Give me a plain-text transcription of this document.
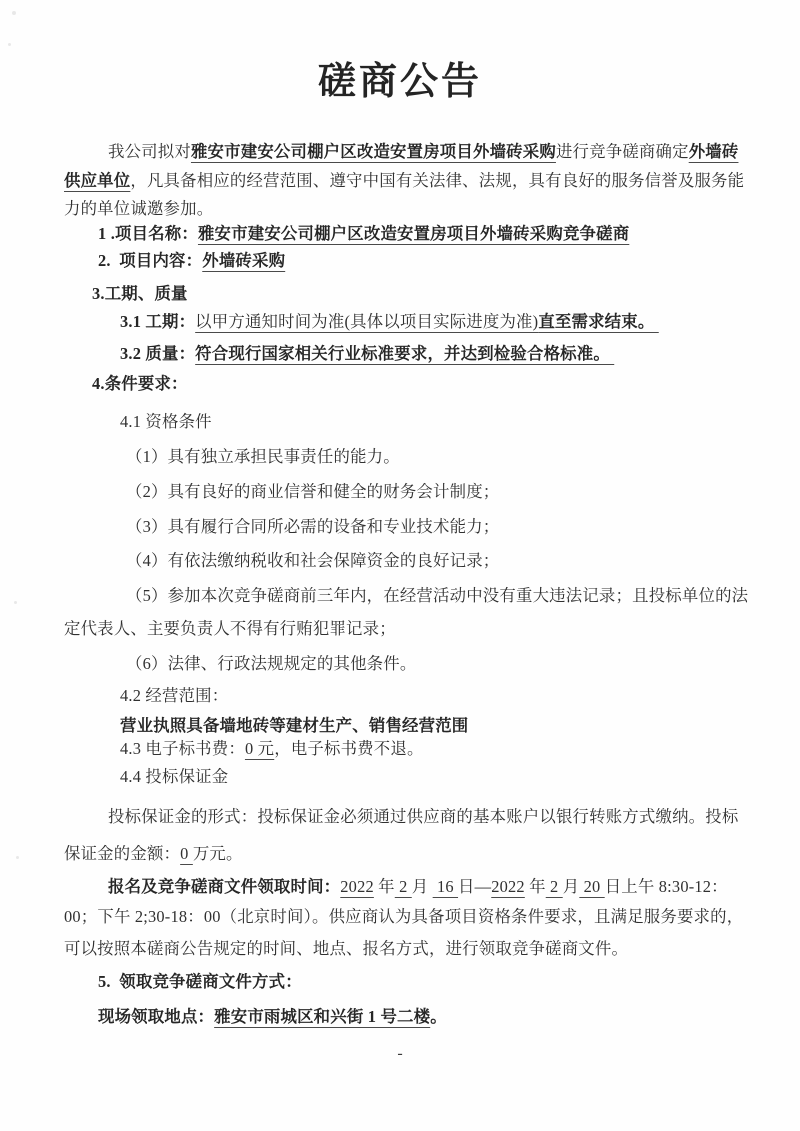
磋商公告
我公司拟对雅安市建安公司棚户区改造安置房项目外墙砖采购进行竞争磋商确定外墙砖
供应单位，凡具备相应的经营范围、遵守中国有关法律、法规，具有良好的服务信誉及服务能
力的单位诚邀参加。
1 .项目名称：雅安市建安公司棚户区改造安置房项目外墙砖采购竞争磋商
2.  项目内容：外墙砖采购
3.工期、质量
3.1 工期：以甲方通知时间为准(具体以项目实际进度为准)直至需求结束。
3.2 质量：符合现行国家相关行业标准要求，并达到检验合格标准。
4.条件要求：
4.1 资格条件
（1）具有独立承担民事责任的能力。
（2）具有良好的商业信誉和健全的财务会计制度；
（3）具有履行合同所必需的设备和专业技术能力；
（4）有依法缴纳税收和社会保障资金的良好记录；
（5）参加本次竞争磋商前三年内，在经营活动中没有重大违法记录；且投标单位的法
定代表人、主要负责人不得有行贿犯罪记录；
（6）法律、行政法规规定的其他条件。
4.2 经营范围：
营业执照具备墙地砖等建材生产、销售经营范围
4.3 电子标书费：0 元，电子标书费不退。
4.4 投标保证金
投标保证金的形式：投标保证金必须通过供应商的基本账户以银行转账方式缴纳。投标
保证金的金额：0 万元。
报名及竞争磋商文件领取时间：2022 年 2 月  16 日—2022 年 2 月 20 日上午 8:30-12：
00；下午 2;30-18：00（北京时间）。供应商认为具备项目资格条件要求，且满足服务要求的，
可以按照本磋商公告规定的时间、地点、报名方式，进行领取竞争磋商文件。
5.  领取竞争磋商文件方式：
现场领取地点：雅安市雨城区和兴街 1 号二楼。
-
